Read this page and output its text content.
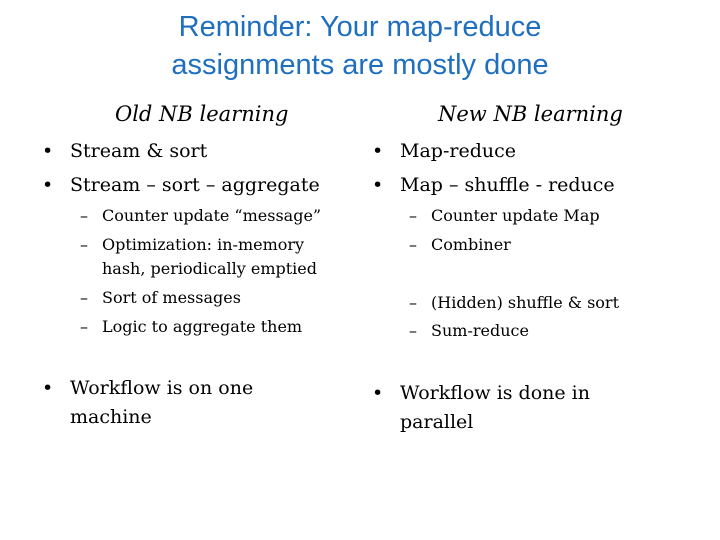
Reminder: Your map-reduce
assignments are mostly done
Old NB learning
• Stream & sort
• Stream – sort – aggregate
– Counter update “message”
– Optimization: in-memory
hash, periodically emptied
– Sort of messages
– Logic to aggregate them
• Workflow is on one
machine
New NB learning
• Map-reduce
• Map – shuffle - reduce
– Counter update Map
– Combiner
– (Hidden) shuffle & sort
– Sum-reduce
• Workflow is done in
parallel
